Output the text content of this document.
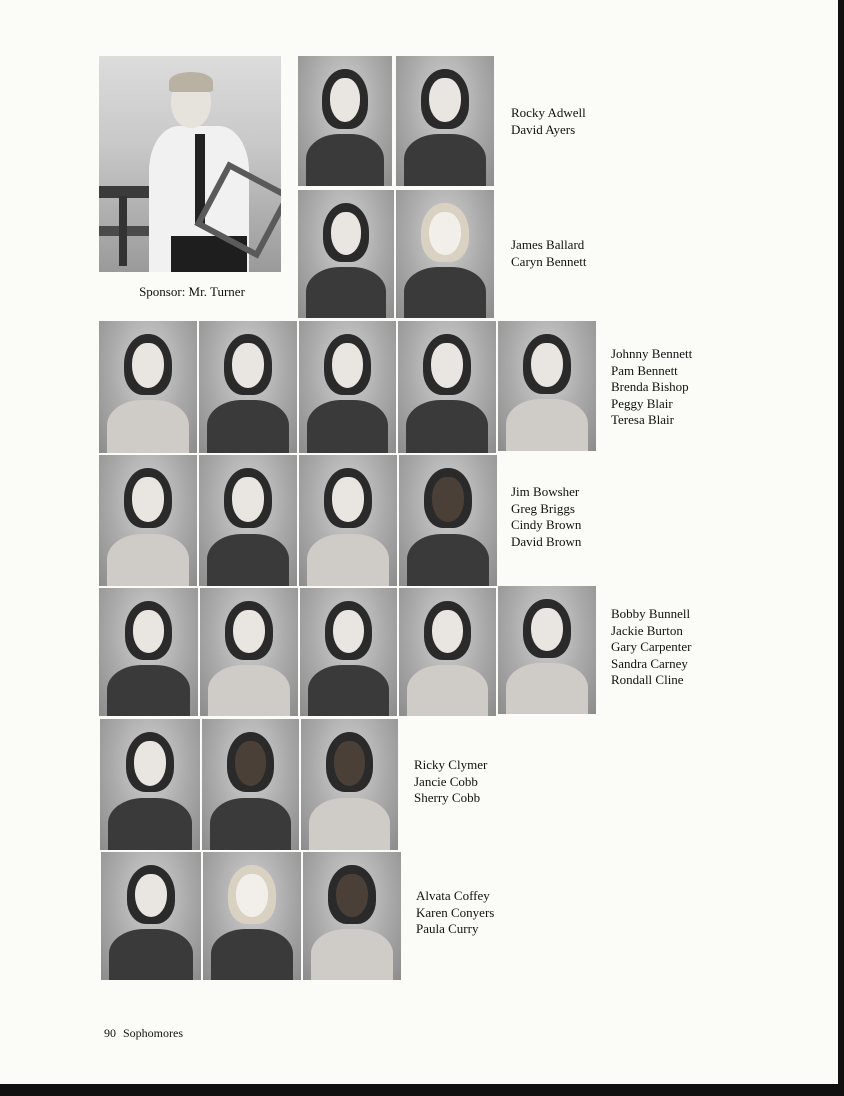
Sponsor: Mr. Turner
Rocky Adwell
David Ayers
James Ballard
Caryn Bennett
Johnny Bennett
Pam Bennett
Brenda Bishop
Peggy Blair
Teresa Blair
Jim Bowsher
Greg Briggs
Cindy Brown
David Brown
Bobby Bunnell
Jackie Burton
Gary Carpenter
Sandra Carney
Rondall Cline
Ricky Clymer
Jancie Cobb
Sherry Cobb
Alvata Coffey
Karen Conyers
Paula Curry
90 Sophomores
